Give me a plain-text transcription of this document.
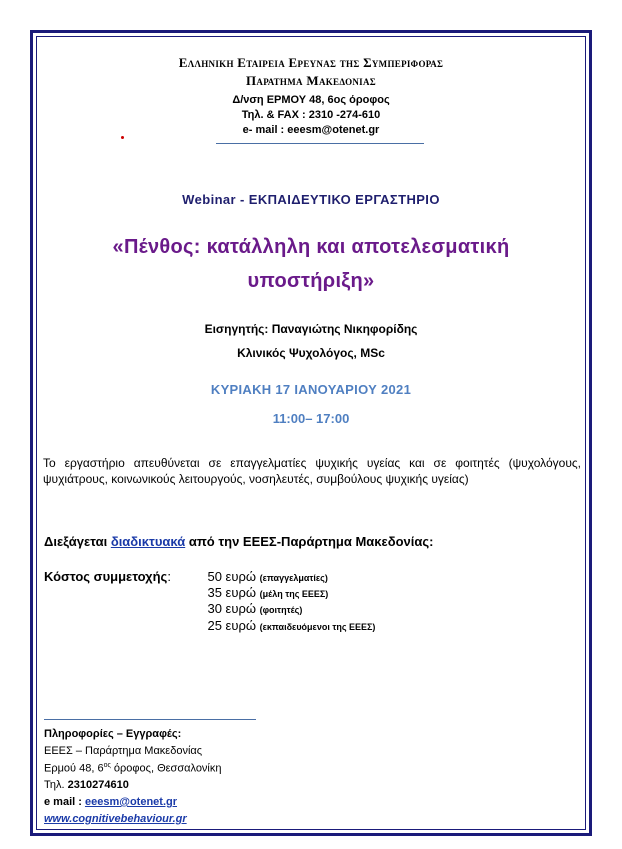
Ελληνικη Εταιρεια Ερευνας της Συμπεριφορας
Παρατημα Μακεδονιας
Δ/νση ΕΡΜΟΥ 48, 6ος όροφος
Τηλ. & FAX : 2310 -274-610
e- mail : eeesm@otenet.gr
Webinar - ΕΚΠΑΙΔΕΥΤΙΚΟ ΕΡΓΑΣΤΗΡΙΟ
«Πένθος: κατάλληλη και αποτελεσματική
υποστήριξη»
Εισηγητής: Παναγιώτης Νικηφορίδης
Κλινικός Ψυχολόγος, MSc
ΚΥΡΙΑΚΗ 17 ΙΑΝΟΥΑΡΙΟΥ 2021
11:00– 17:00
Το εργαστήριο απευθύνεται σε επαγγελματίες ψυχικής υγείας και σε φοιτητές (ψυχολόγους, ψυχιάτρους, κοινωνικούς λειτουργούς, νοσηλευτές, συμβούλους ψυχικής υγείας)
Διεξάγεται διαδικτυακά από την ΕΕΕΣ-Παράρτημα Μακεδονίας:
Κόστος συμμετοχής:	50 ευρώ (επαγγελματίες)
35 ευρώ (μέλη της ΕΕΕΣ)
30 ευρώ (φοιτητές)
25 ευρώ (εκπαιδευόμενοι της ΕΕΕΣ)
Πληροφορίες – Εγγραφές:
ΕΕΕΣ – Παράρτημα Μακεδονίας
Ερμού 48, $6^{o\varsigma}$ όροφος, Θεσσαλονίκη
Τηλ. 2310274610
e mail : eeesm@otenet.gr
www.cognitivebehaviour.gr
